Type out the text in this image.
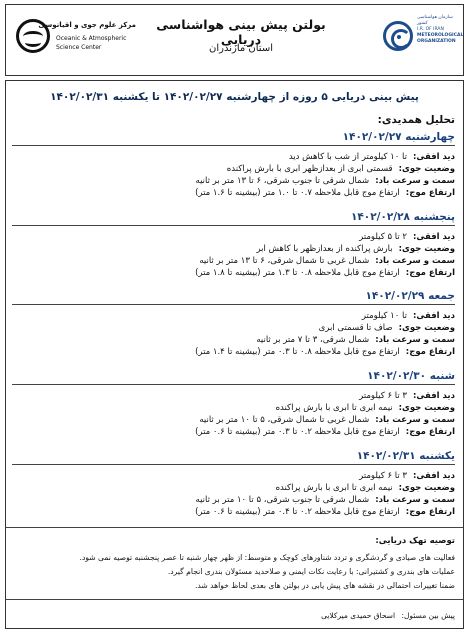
مرکز علوم جوی و اقیانوسی
Oceanic & Atmospheric
Science Center
بولتن پیش بینی هواشناسی دریایی
استان مازندران
سازمان هواشناسی کشور
I.R. OF IRAN
METEOROLOGICAL
ORGANIZATION
پیش بینی دریایی ۵ روزه از چهارشنبه ۱۴۰۲/۰۲/۲۷ تا یکشنبه ۱۴۰۲/۰۲/۳۱
تحلیل همدیدی:
چهارشنبه ۱۴۰۲/۰۲/۲۷
دید افقی:تا ۱۰ کیلومتر از شب با کاهش دید
وضعیت جوی:قسمتی ابری از بعدازظهر ابری با بارش پراکنده
سمت و سرعت باد:شمال شرقی تا جنوب شرقی، ۶ تا ۱۳ متر بر ثانیه
ارتفاع موج:ارتفاع موج قابل ملاحظه ۰.۷ تا ۱.۰ متر (بیشینه تا ۱.۶ متر)
پنجشنبه ۱۴۰۲/۰۲/۲۸
دید افقی:۲ تا ۵ کیلومتر
وضعیت جوی:بارش پراکنده از بعدازظهر با کاهش ابر
سمت و سرعت باد:شمال غربی تا شمال شرقی، ۶ تا ۱۳ متر بر ثانیه
ارتفاع موج:ارتفاع موج قابل ملاحظه ۰.۸ تا ۱.۳ متر (بیشینه تا ۱.۸ متر)
جمعه ۱۴۰۲/۰۲/۲۹
دید افقی:تا ۱۰ کیلومتر
وضعیت جوی:صاف تا قسمتی ابری
سمت و سرعت باد:شمال شرقی، ۳ تا ۷ متر بر ثانیه
ارتفاع موج:ارتفاع موج قابل ملاحظه ۰.۸ تا ۰.۳ متر (بیشینه تا ۱.۴ متر)
شنبه ۱۴۰۲/۰۲/۳۰
دید افقی:۳ تا ۶ کیلومتر
وضعیت جوی:نیمه ابری تا ابری با بارش پراکنده
سمت و سرعت باد:شمال غربی تا شمال شرقی، ۵ تا ۱۰ متر بر ثانیه
ارتفاع موج:ارتفاع موج قابل ملاحظه ۰.۲ تا ۰.۳ متر (بیشینه تا ۰.۶ متر)
یکشنبه ۱۴۰۲/۰۲/۳۱
دید افقی:۳ تا ۶ کیلومتر
وضعیت جوی:نیمه ابری تا ابری با بارش پراکنده
سمت و سرعت باد:شمال شرقی تا جنوب شرقی، ۵ تا ۱۰ متر بر ثانیه
ارتفاع موج:ارتفاع موج قابل ملاحظه ۰.۲ تا ۰.۴ متر (بیشینه تا ۰.۶ متر)
توصیه تهک دریایی:
فعالیت های صیادی و گردشگری و تردد شناورهای کوچک و متوسط: از ظهر چهار شنبه تا عصر پنجشنبه توصیه نمی شود.
عملیات های بندری و کشتیرانی: با رعایت نکات ایمنی و صلاحدید مسئولان بندری انجام گیرد.
ضمنا تغییرات احتمالی در نقشه های پیش یابی در بولتن های بعدی لحاظ خواهد شد.
پیش بین مسئول: اسحاق حمیدی میرکلایی
